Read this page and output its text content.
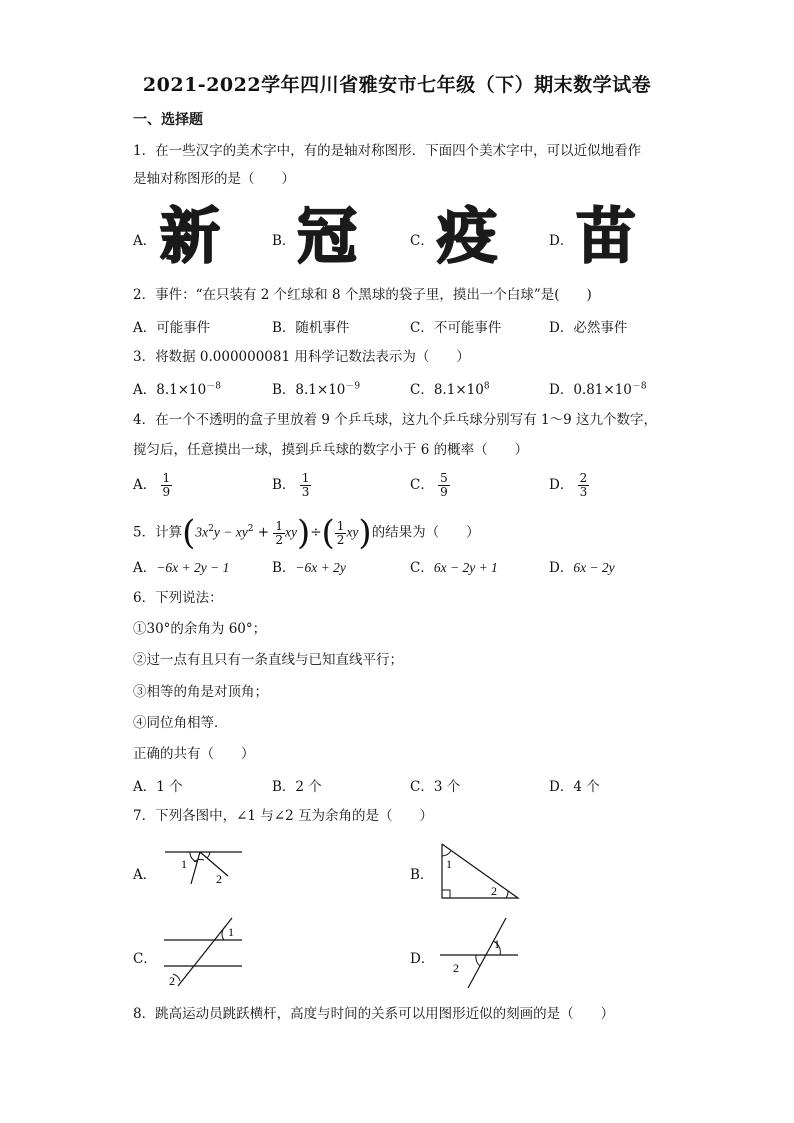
2021-2022学年四川省雅安市七年级（下）期末数学试卷
一、选择题
1．在一些汉字的美术字中，有的是轴对称图形．下面四个美术字中，可以近似地看作
是轴对称图形的是（　　）
A． 新	B． 冠	C． 疫	D． 苗
2．事件：“在只装有 2 个红球和 8 个黑球的袋子里，摸出一个白球”是(　　)
A．可能事件	B．随机事件	C．不可能事件	D．必然事件
3．将数据 0.000000081 用科学记数法表示为（　　）
A．$8.1\times 10^{-8}$	B．$8.1\times 10^{-9}$	C．$8.1\times 10^8$	D．$0.81\times 10^{-8}$
4．在一个不透明的盒子里放着 9 个乒乓球，这九个乒乓球分别写有 1～9 这九个数字，
搅匀后，任意摸出一球，摸到乒乓球的数字小于 6 的概率（　　）
A． $\frac{1}{9}$	B． $\frac{1}{3}$	C． $\frac{5}{9}$	D． $\frac{2}{3}$
5．计算$(3x^2y - xy^2 + \frac{1}{2} xy)\div( \frac{1}{2} xy)$的结果为（　　）
A．−6x + 2y − 1	B．−6x + 2y	C．6x − 2y + 1	D．6x − 2y
6．下列说法：
①30°的余角为 60°；
②过一点有且只有一条直线与已知直线平行；
③相等的角是对顶角；
④同位角相等．
正确的共有（　　）
A．1 个	B．2 个	C．3 个	D．4 个
7．下列各图中，∠1 与∠2 互为余角的是（　　）
A．
1
2	B．
1
2
C．
1
2
D．
1
2
8．跳高运动员跳跃横杆，高度与时间的关系可以用图形近似的刻画的是（　　）
